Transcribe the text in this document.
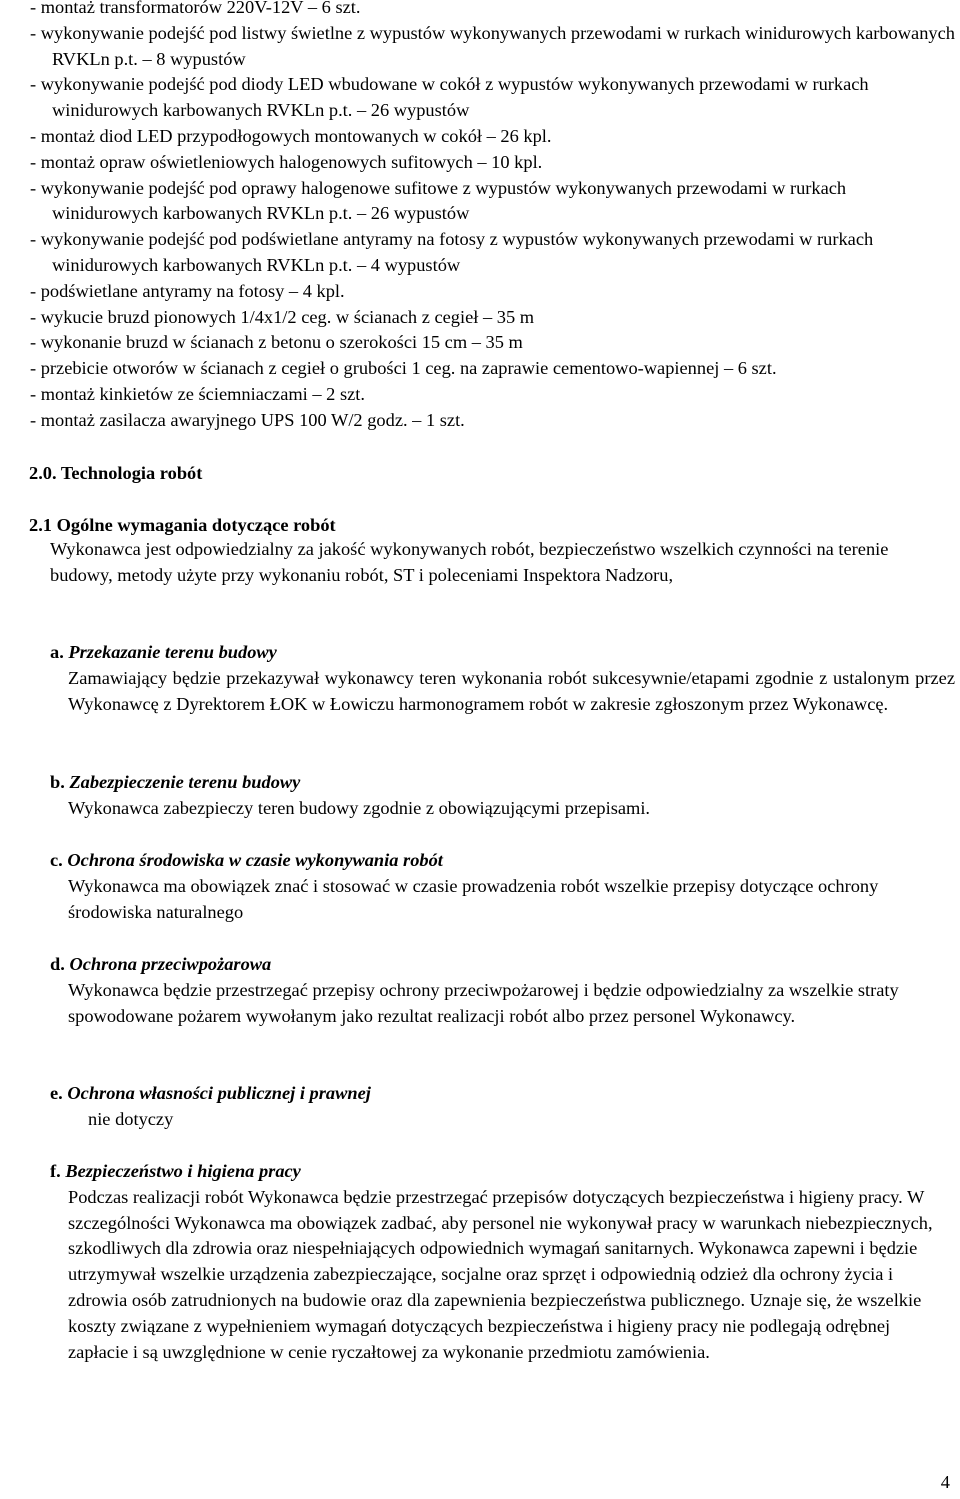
- montaż transformatorów 220V-12V – 6 szt.
- wykonywanie podejść pod listwy świetlne z wypustów wykonywanych przewodami w rurkach winidurowych karbowanych RVKLn p.t. – 8 wypustów
- wykonywanie podejść pod diody LED wbudowane w cokół z wypustów wykonywanych przewodami w rurkach winidurowych karbowanych RVKLn p.t. – 26 wypustów
- montaż diod LED przypodłogowych montowanych w cokół – 26 kpl.
- montaż opraw oświetleniowych halogenowych sufitowych – 10 kpl.
- wykonywanie podejść pod oprawy halogenowe sufitowe z wypustów wykonywanych przewodami w rurkach winidurowych karbowanych RVKLn p.t. – 26 wypustów
- wykonywanie podejść pod podświetlane antyramy na fotosy z wypustów wykonywanych przewodami w rurkach winidurowych karbowanych RVKLn p.t. – 4 wypustów
- podświetlane antyramy na fotosy – 4 kpl.
- wykucie bruzd pionowych 1/4x1/2 ceg. w ścianach z cegieł – 35 m
- wykonanie bruzd w ścianach z betonu o szerokości 15 cm – 35 m
- przebicie otworów w ścianach z cegieł o grubości 1 ceg. na zaprawie cementowo-wapiennej – 6 szt.
- montaż kinkietów ze ściemniaczami – 2 szt.
- montaż zasilacza awaryjnego UPS 100 W/2 godz. – 1 szt.
2.0. Technologia robót
2.1 Ogólne wymagania dotyczące robót
Wykonawca jest odpowiedzialny za jakość wykonywanych robót, bezpieczeństwo wszelkich czynności na terenie budowy, metody użyte przy wykonaniu robót, ST i poleceniami Inspektora Nadzoru,
a. Przekazanie terenu budowy
Zamawiający będzie przekazywał wykonawcy teren wykonania robót sukcesywnie/etapami zgodnie z ustalonym przez Wykonawcę z Dyrektorem ŁOK w Łowiczu harmonogramem robót w zakresie zgłoszonym przez Wykonawcę.
b. Zabezpieczenie terenu budowy
Wykonawca zabezpieczy teren budowy zgodnie z obowiązującymi przepisami.
c. Ochrona środowiska w czasie wykonywania robót
Wykonawca ma obowiązek znać i stosować w czasie prowadzenia robót wszelkie przepisy dotyczące ochrony środowiska naturalnego
d. Ochrona przeciwpożarowa
Wykonawca będzie przestrzegać przepisy ochrony przeciwpożarowej i będzie odpowiedzialny za wszelkie straty spowodowane pożarem wywołanym jako rezultat realizacji robót albo przez personel Wykonawcy.
e. Ochrona własności publicznej i prawnej
nie dotyczy
f. Bezpieczeństwo i higiena pracy
Podczas realizacji robót Wykonawca będzie przestrzegać przepisów dotyczących bezpieczeństwa i higieny pracy. W szczególności Wykonawca ma obowiązek zadbać, aby personel nie wykonywał pracy w warunkach niebezpiecznych, szkodliwych dla zdrowia oraz niespełniających odpowiednich wymagań sanitarnych. Wykonawca zapewni i będzie utrzymywał wszelkie urządzenia zabezpieczające, socjalne oraz sprzęt i odpowiednią odzież dla ochrony życia i zdrowia osób zatrudnionych na budowie oraz dla zapewnienia bezpieczeństwa publicznego. Uznaje się, że wszelkie koszty związane z wypełnieniem wymagań dotyczących bezpieczeństwa i higieny pracy nie podlegają odrębnej zapłacie i są uwzględnione w cenie ryczałtowej za wykonanie przedmiotu zamówienia.
4
